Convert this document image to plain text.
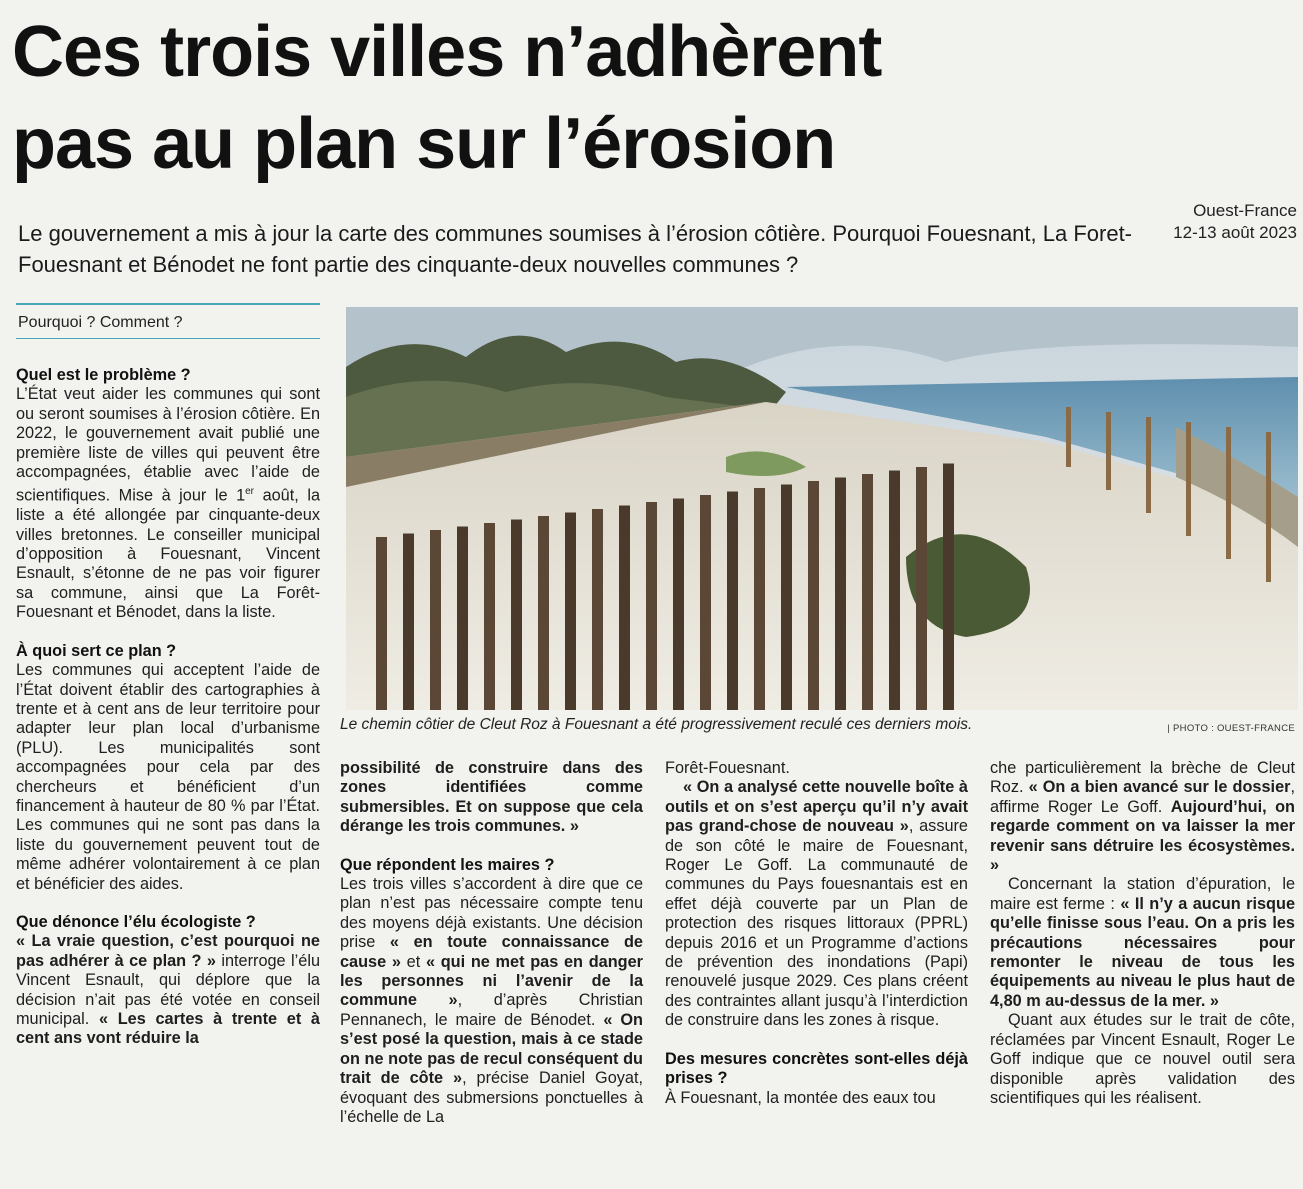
Ces trois villes n’adhèrent
pas au plan sur l’érosion
Ouest-France
12-13 août 2023

Le gouvernement a mis à jour la carte des communes soumises à l’érosion côtière. Pourquoi Fouesnant, La Foret-Fouesnant et Bénodet ne font partie des cinquante-deux nouvelles communes ?

Pourquoi ? Comment ?
Quel est le problème ?

L’État veut aider les communes qui sont ou seront soumises à l’érosion côtière. En 2022, le gouvernement avait publié une première liste de villes qui peuvent être accompagnées, établie avec l’aide de scientifiques. Mise à jour le 1er août, la liste a été allongée par cinquante-deux villes bretonnes. Le conseiller municipal d’opposition à Fouesnant, Vincent Esnault, s’étonne de ne pas voir figurer sa commune, ainsi que La Forêt-Fouesnant et Bénodet, dans la liste.

À quoi sert ce plan ?

Les communes qui acceptent l’aide de l’État doivent établir des cartographies à trente et à cent ans de leur territoire pour adapter leur plan local d’urbanisme (PLU). Les municipalités sont accompagnées pour cela par des chercheurs et bénéficient d’un financement à hauteur de 80 % par l’État. Les communes qui ne sont pas dans la liste du gouvernement peuvent tout de même adhérer volontairement à ce plan et bénéficier des aides.

Que dénonce l’élu écologiste ?

« La vraie question, c’est pourquoi ne pas adhérer à ce plan ? » interroge l’élu Vincent Esnault, qui déplore que la décision n’ait pas été votée en conseil municipal. « Les cartes à trente et à cent ans vont réduire la

possibilité de construire dans des zones identifiées comme submersibles. Et on suppose que cela dérange les trois communes. »

Que répondent les maires ?

Les trois villes s’accordent à dire que ce plan n’est pas nécessaire compte tenu des moyens déjà existants. Une décision prise « en toute connaissance de cause » et « qui ne met pas en danger les personnes ni l’avenir de la commune », d’après Christian Pennanech, le maire de Bénodet. « On s’est posé la question, mais à ce stade on ne note pas de recul conséquent du trait de côte », précise Daniel Goyat, évoquant des submersions ponctuelles à l’échelle de La

Forêt-Fouesnant.

« On a analysé cette nouvelle boîte à outils et on s’est aperçu qu’il n’y avait pas grand-chose de nouveau », assure de son côté le maire de Fouesnant, Roger Le Goff. La communauté de communes du Pays fouesnantais est en effet déjà couverte par un Plan de protection des risques littoraux (PPRL) depuis 2016 et un Programme d’actions de prévention des inondations (Papi) renouvelé jusque 2029. Ces plans créent des contraintes allant jusqu’à l’interdiction de construire dans les zones à risque.

Des mesures concrètes sont-elles déjà prises ?

À Fouesnant, la montée des eaux tou

che particulièrement la brèche de Cleut Roz. « On a bien avancé sur le dossier, affirme Roger Le Goff. Aujourd’hui, on regarde comment on va laisser la mer revenir sans détruire les écosystèmes. »

Concernant la station d’épuration, le maire est ferme : « Il n’y a aucun risque qu’elle finisse sous l’eau. On a pris les précautions nécessaires pour remonter le niveau de tous les équipements au niveau le plus haut de 4,80 m au-dessus de la mer. »

Quant aux études sur le trait de côte, réclamées par Vincent Esnault, Roger Le Goff indique que ce nouvel outil sera disponible après validation des scientifiques qui les réalisent.

Le chemin côtier de Cleut Roz à Fouesnant a été progressivement reculé ces derniers mois.	| PHOTO : OUEST-FRANCE
